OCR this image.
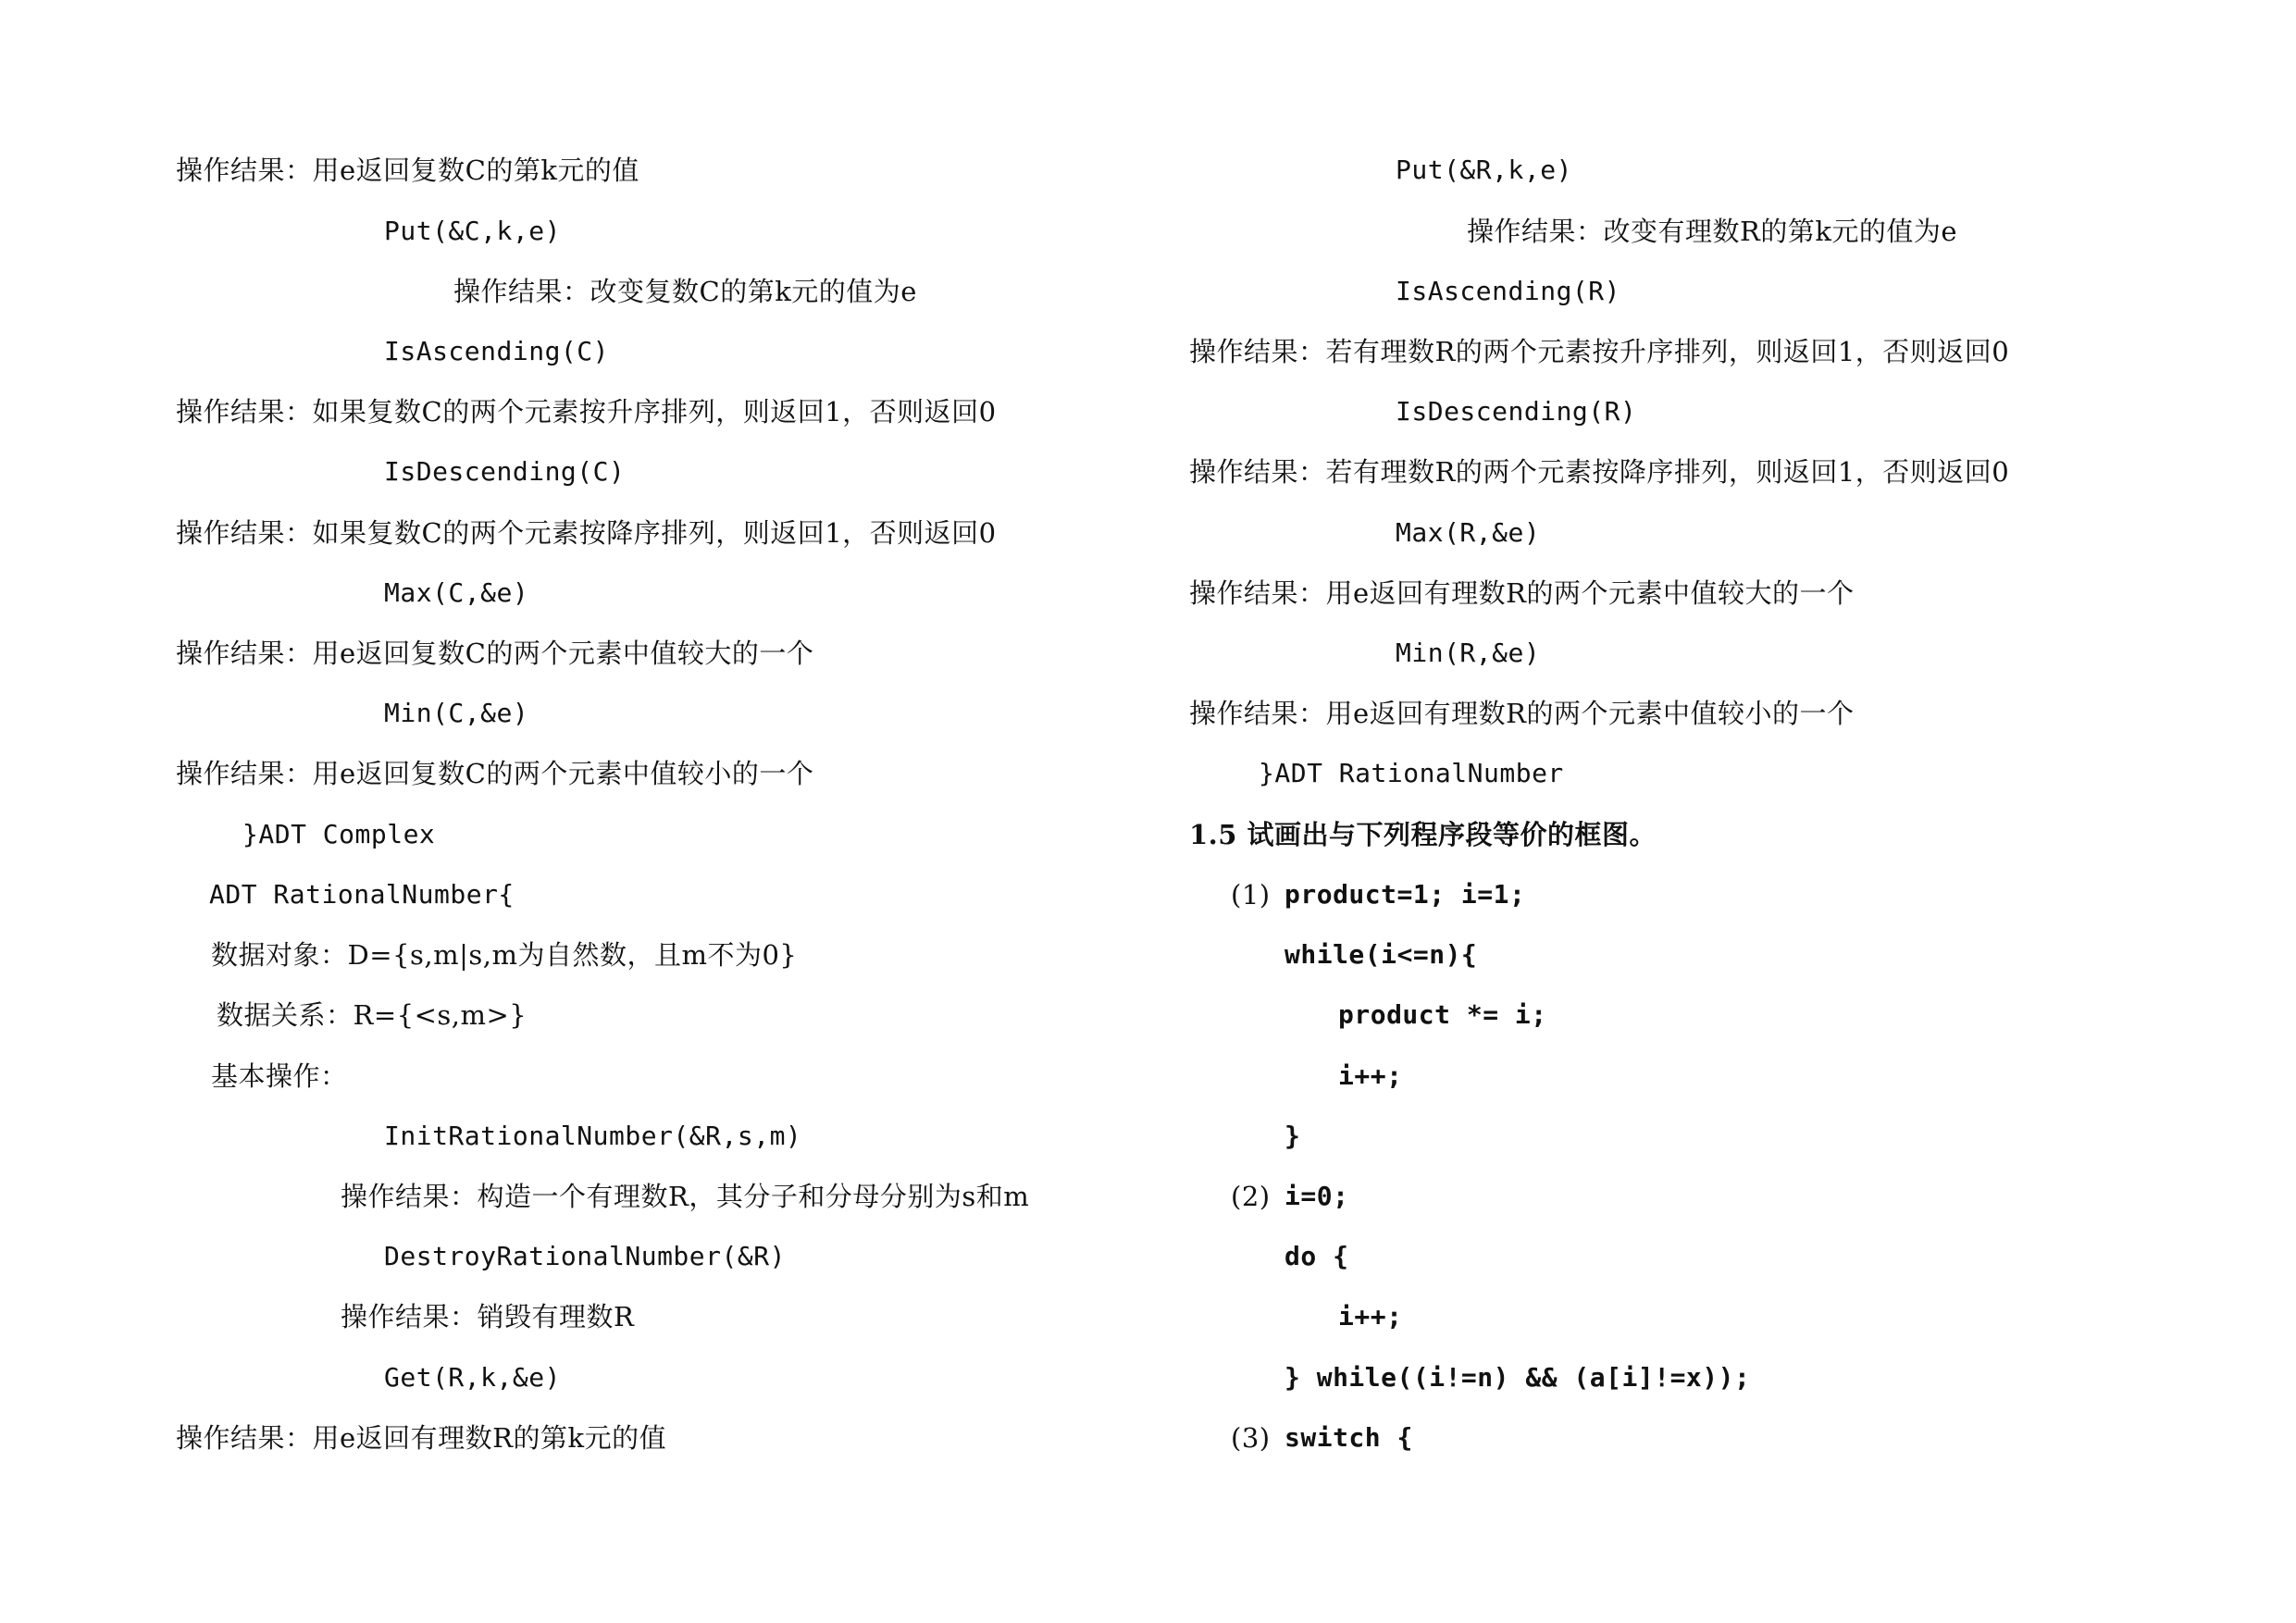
操作结果：用e返回复数C的第k元的值
Put(&C,k,e)
操作结果：改变复数C的第k元的值为e
IsAscending(C)
操作结果：如果复数C的两个元素按升序排列，则返回1，否则返回0
IsDescending(C)
操作结果：如果复数C的两个元素按降序排列，则返回1，否则返回0
Max(C,&e)
操作结果：用e返回复数C的两个元素中值较大的一个
Min(C,&e)
操作结果：用e返回复数C的两个元素中值较小的一个
}ADT Complex
ADT RationalNumber{
数据对象：D={s,m|s,m为自然数，且m不为0}
数据关系：R={<s,m>}
基本操作：
InitRationalNumber(&R,s,m)
操作结果：构造一个有理数R，其分子和分母分别为s和m
DestroyRationalNumber(&R)
操作结果：销毁有理数R
Get(R,k,&e)
操作结果：用e返回有理数R的第k元的值
Put(&R,k,e)
操作结果：改变有理数R的第k元的值为e
IsAscending(R)
操作结果：若有理数R的两个元素按升序排列，则返回1，否则返回0
IsDescending(R)
操作结果：若有理数R的两个元素按降序排列，则返回1，否则返回0
Max(R,&e)
操作结果：用e返回有理数R的两个元素中值较大的一个
Min(R,&e)
操作结果：用e返回有理数R的两个元素中值较小的一个
}ADT RationalNumber
1.5 试画出与下列程序段等价的框图。
(1) product=1; i=1;
while(i<=n){
product *= i;
i++;
}
(2) i=0;
do {
i++;
} while((i!=n) && (a[i]!=x));
(3) switch {
